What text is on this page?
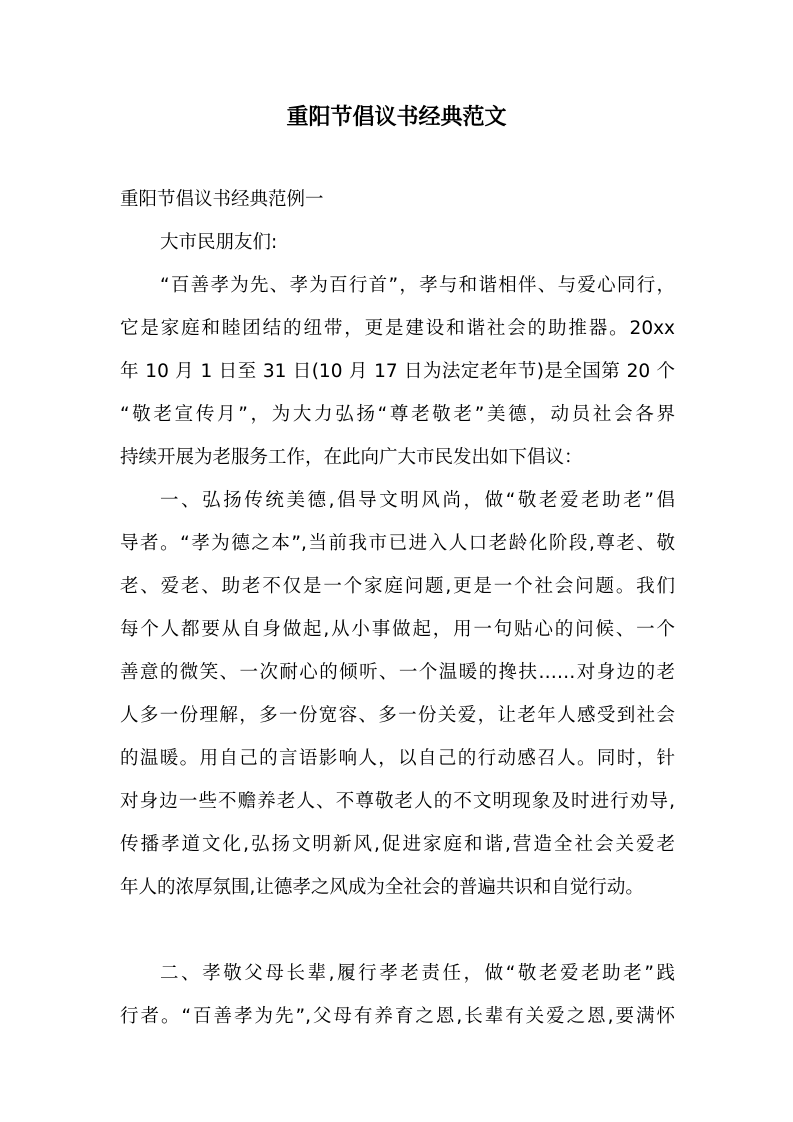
重阳节倡议书经典范文

重阳节倡议书经典范例一

大市民朋友们:

“百善孝为先、孝为百行首”，孝与和谐相伴、与爱心同行，

它是家庭和睦团结的纽带，更是建设和谐社会的助推器。20xx

年 10 月 1 日至 31 日(10 月 17 日为法定老年节)是全国第 20 个

“敬老宣传月”，为大力弘扬“尊老敬老”美德，动员社会各界

持续开展为老服务工作，在此向广大市民发出如下倡议：

一、弘扬传统美德,倡导文明风尚，做“敬老爱老助老”倡

导者。“孝为德之本”,当前我市已进入人口老龄化阶段,尊老、敬

老、爱老、助老不仅是一个家庭问题,更是一个社会问题。我们

每个人都要从自身做起,从小事做起，用一句贴心的问候、一个

善意的微笑、一次耐心的倾听、一个温暖的搀扶……对身边的老

人多一份理解，多一份宽容、多一份关爱，让老年人感受到社会

的温暖。用自己的言语影响人，以自己的行动感召人。同时，针

对身边一些不赡养老人、不尊敬老人的不文明现象及时进行劝导,

传播孝道文化,弘扬文明新风,促进家庭和谐,营造全社会关爱老

年人的浓厚氛围,让德孝之风成为全社会的普遍共识和自觉行动。

二、孝敬父母长辈,履行孝老责任，做“敬老爱老助老”践

行者。“百善孝为先”,父母有养育之恩,长辈有关爱之恩,要满怀
